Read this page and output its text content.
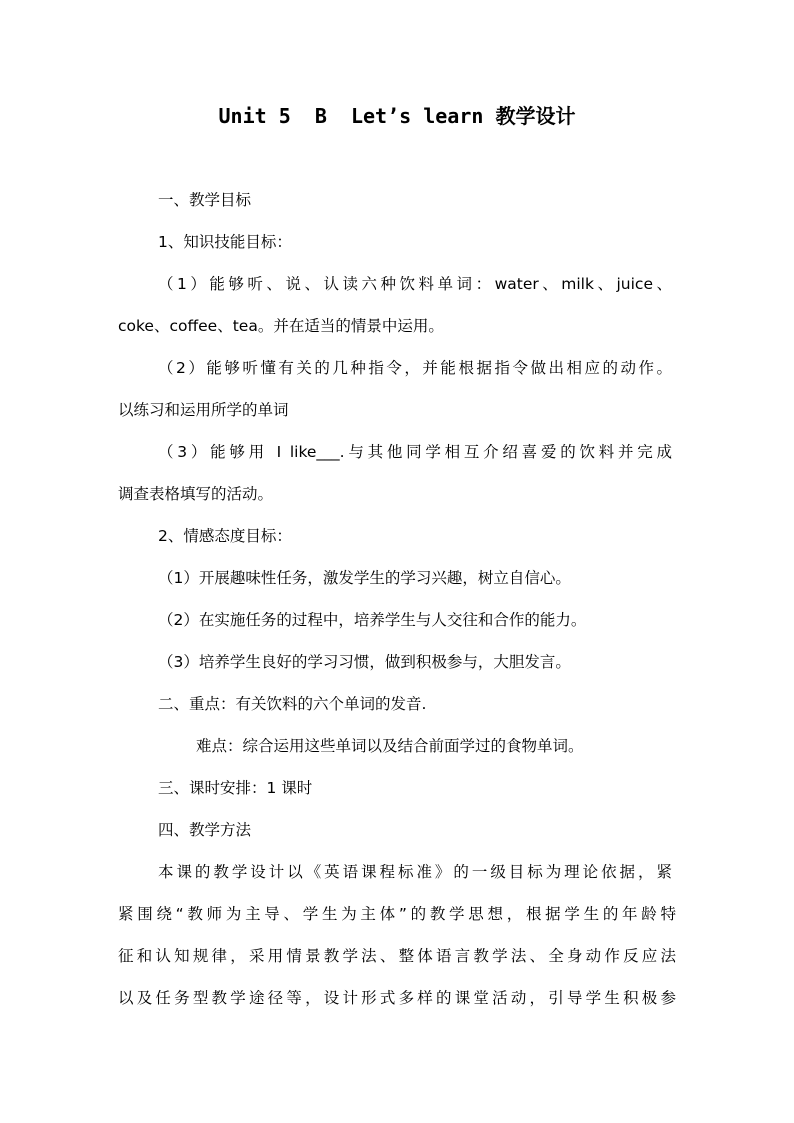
Unit 5  B  Let’s learn 教学设计
一、教学目标
1、知识技能目标：
（1）能够听、说、认读六种饮料单词：water、milk、juice、
coke、coffee、tea。并在适当的情景中运用。
（2）能够听懂有关的几种指令，并能根据指令做出相应的动作。
以练习和运用所学的单词
（3）能够用 I like___.与其他同学相互介绍喜爱的饮料并完成
调查表格填写的活动。
2、情感态度目标：
（1）开展趣味性任务，激发学生的学习兴趣，树立自信心。
（2）在实施任务的过程中，培养学生与人交往和合作的能力。
（3）培养学生良好的学习习惯，做到积极参与，大胆发言。
二、重点：有关饮料的六个单词的发音.
难点：综合运用这些单词以及结合前面学过的食物单词。
三、课时安排：1 课时
四、教学方法
本课的教学设计以《英语课程标准》的一级目标为理论依据，紧
紧围绕“教师为主导、学生为主体”的教学思想，根据学生的年龄特
征和认知规律，采用情景教学法、整体语言教学法、全身动作反应法
以及任务型教学途径等，设计形式多样的课堂活动，引导学生积极参
